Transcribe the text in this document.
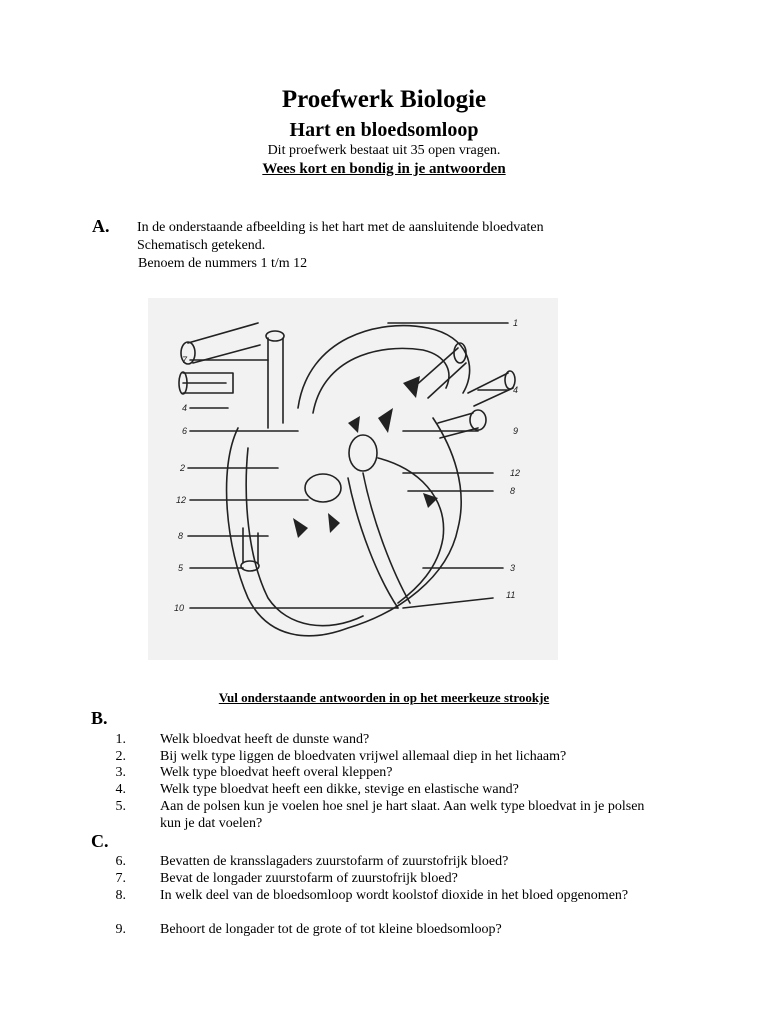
Proefwerk Biologie
Hart en bloedsomloop
Dit proefwerk bestaat uit 35 open vragen.
Wees kort en bondig in je antwoorden
A. In de onderstaande afbeelding is het hart met de aansluitende bloedvaten
Schematisch getekend.
Benoem de nummers 1 t/m 12
1
4
9
12
8
3
11
7
4
6
2
12
8
5
10
Vul onderstaande antwoorden in op het meerkeuze strookje
B.
1. Welk bloedvat heeft de dunste wand?
2. Bij welk type liggen de bloedvaten vrijwel allemaal diep in het lichaam?
3. Welk type bloedvat heeft overal kleppen?
4. Welk type bloedvat heeft een dikke, stevige en elastische wand?
5. Aan de polsen kun je voelen hoe snel je hart slaat. Aan welk type bloedvat in je polsen kun je dat voelen?
C.
6. Bevatten de kransslagaders zuurstofarm of zuurstofrijk bloed?
7. Bevat de longader zuurstofarm of zuurstofrijk bloed?
8. In welk deel van de bloedsomloop wordt koolstof dioxide in het bloed opgenomen?
9. Behoort de longader tot de grote of tot kleine bloedsomloop?
